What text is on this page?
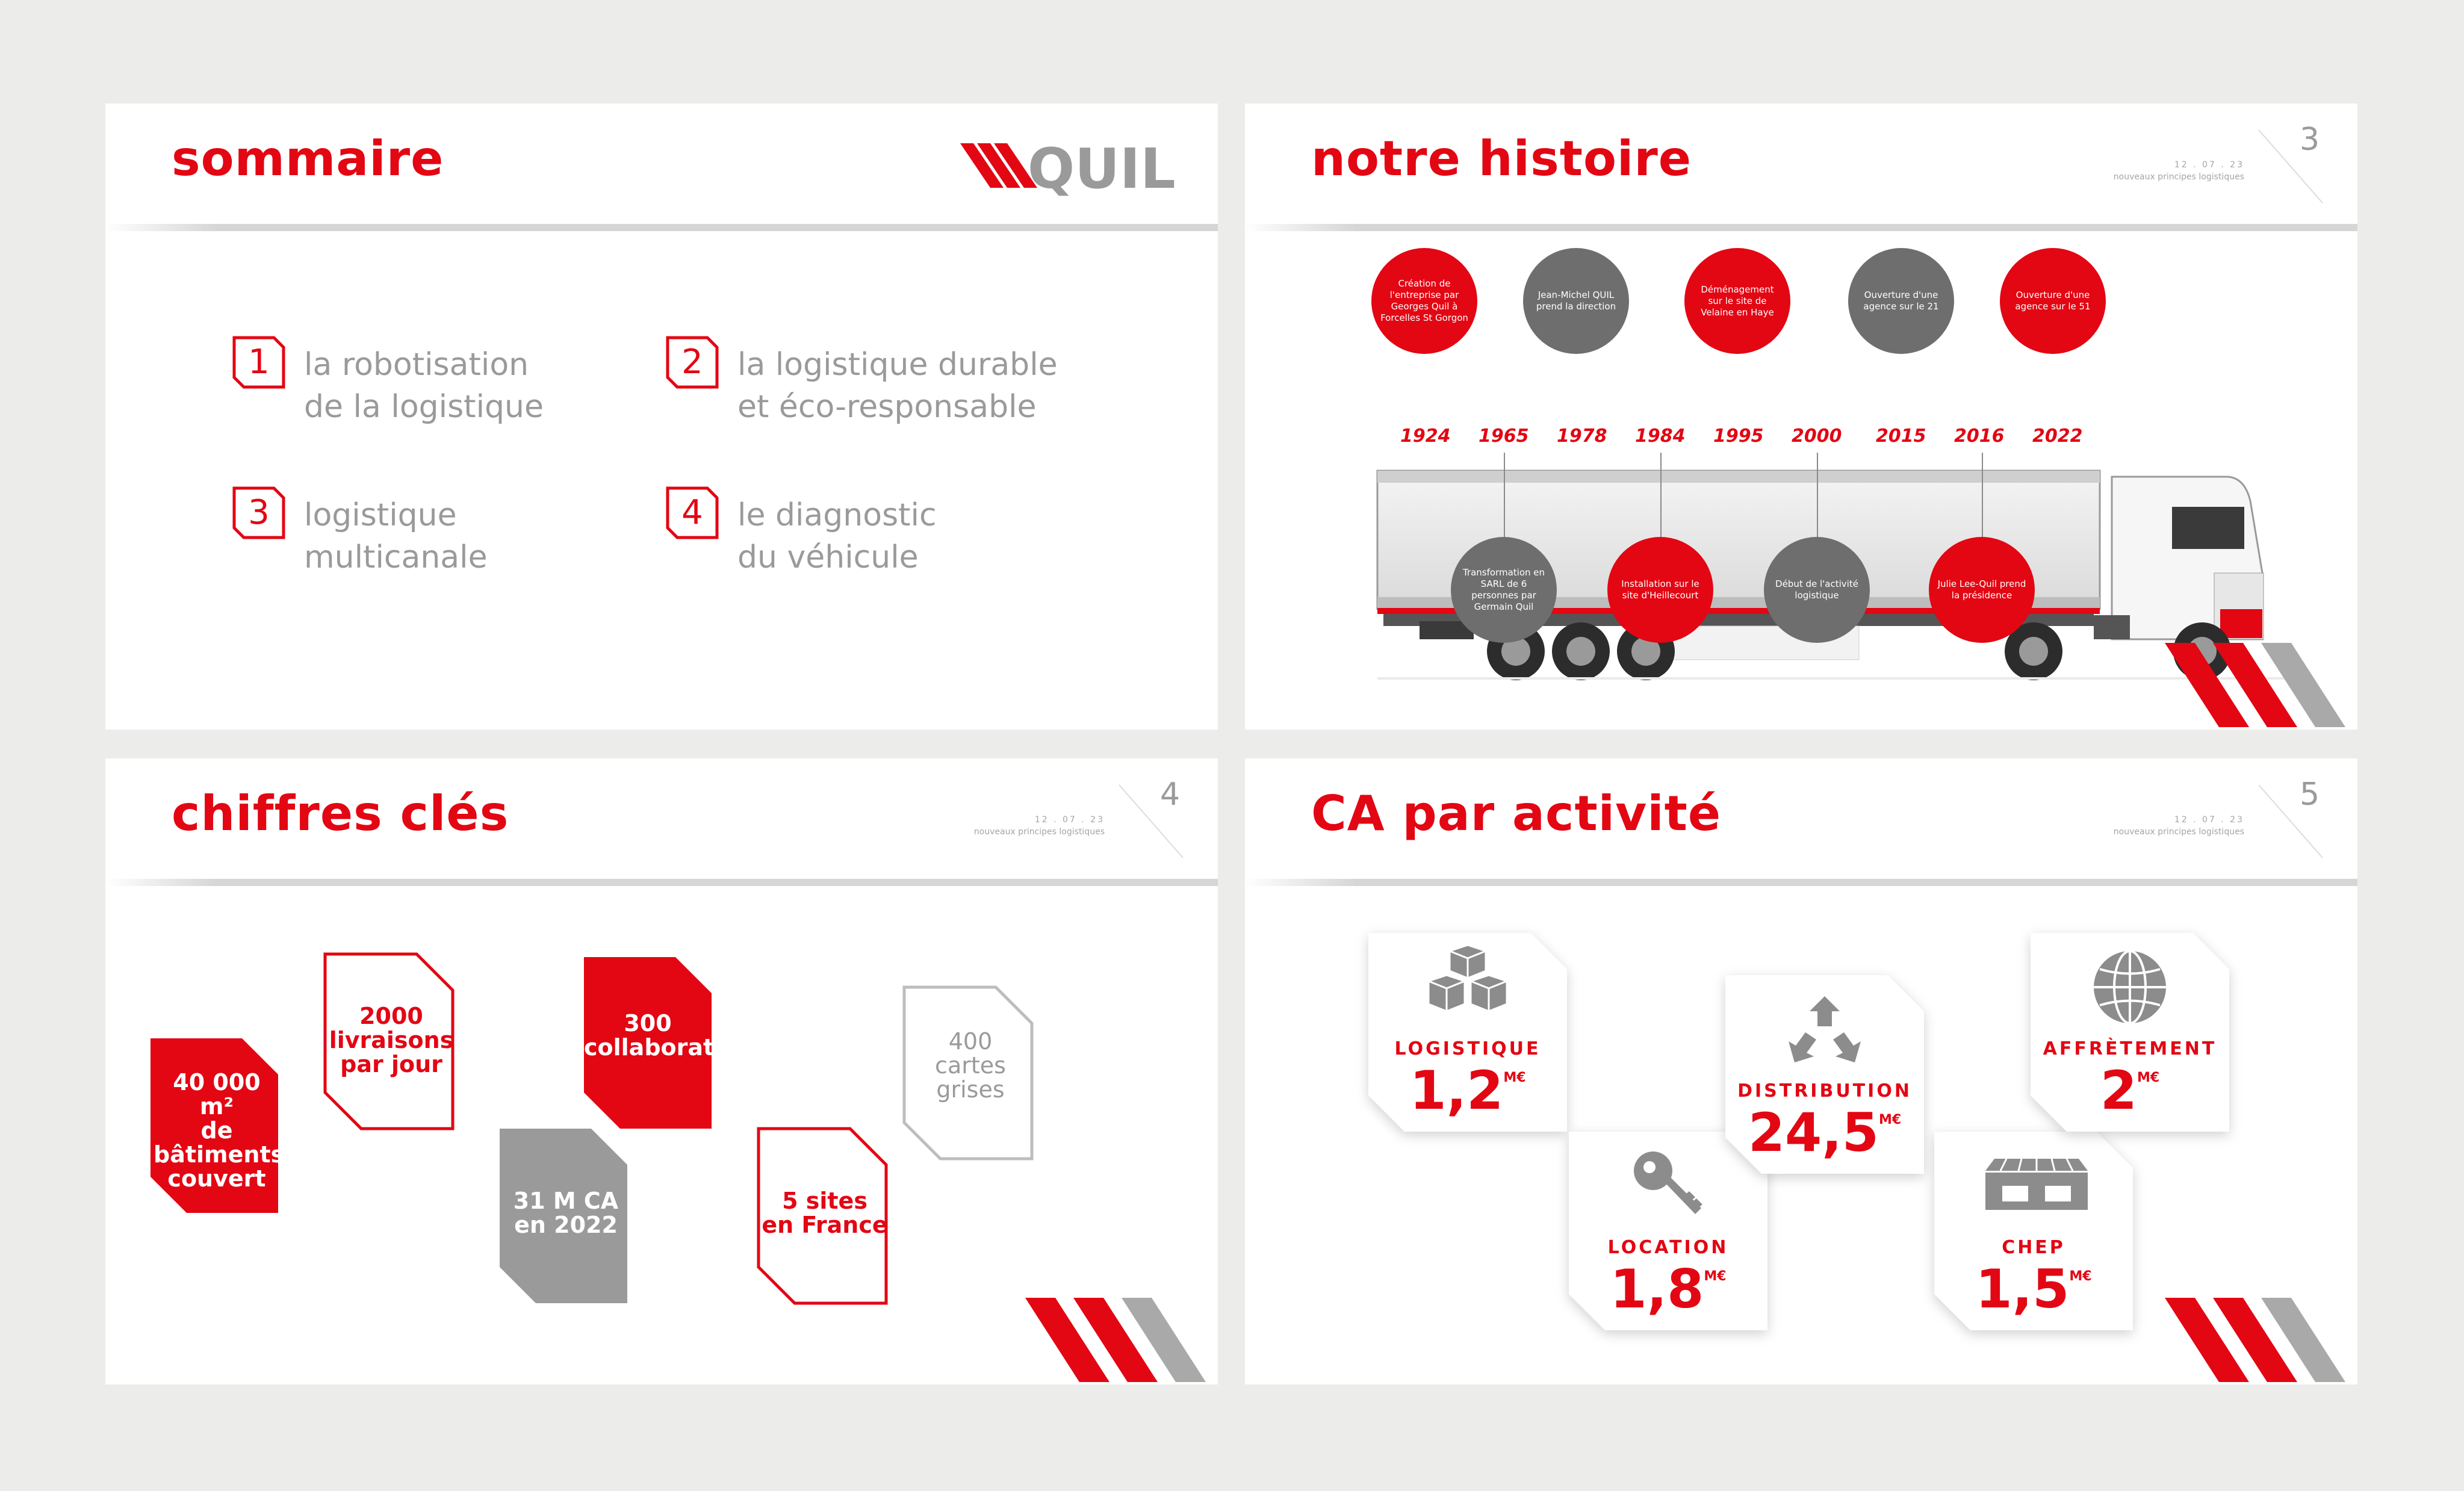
sommaire	QUIL
1	la robotisation
de la logistique
2	la logistique durable
et éco-responsable
3	logistique
multicanale
4	le diagnostic
du véhicule
notre histoire	12 . 07 . 23
nouveaux principes logistiques
3
Création de l'entreprise par Georges Quil à Forcelles St Gorgon
Jean-Michel QUIL prend la direction
Déménagement sur le site de Velaine en Haye
Ouverture d'une agence sur le 21
Ouverture d'une agence sur le 51
1924 1965 1978 1984 1995 2000 2015 2016 2022
Transformation en SARL de 6 personnes par Germain Quil
Installation sur le site d'Heillecourt
Début de l'activité logistique
Julie Lee-Quil prend la présidence
chiffres clés	12 . 07 . 23
nouveaux principes logistiques
4
40 000 m²
de
bâtiments
couvert
2000
livraisons
par jour
31 M CA
en 2022
300
collaborateurs
5 sites
en France
400
cartes
grises
CA par activité	12 . 07 . 23
nouveaux principes logistiques
5
LOGISTIQUE
$1,2^{M€}$
LOCATION
$1,8^{M€}$
DISTRIBUTION
$24,5^{M€}$
CHEP
$1,5^{M€}$
AFFRÈTEMENT
$2^{M€}$
